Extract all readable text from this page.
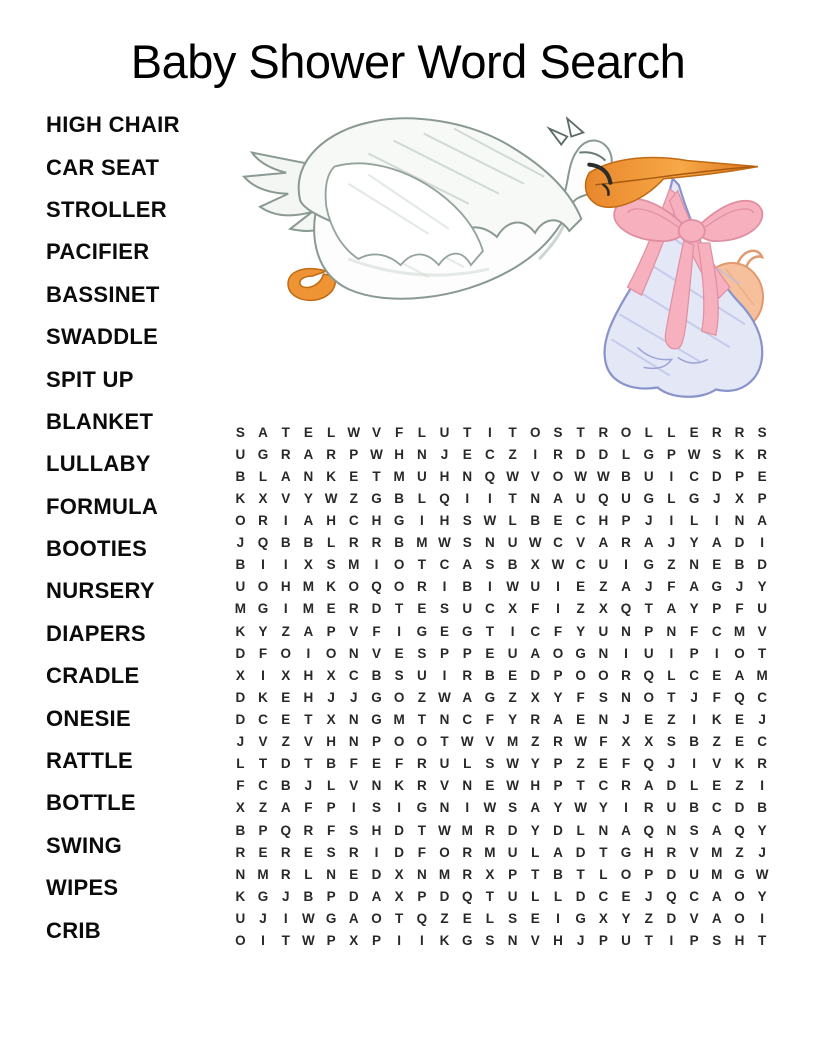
Baby Shower Word Search
HIGH CHAIR
CAR SEAT
STROLLER
PACIFIER
BASSINET
SWADDLE
SPIT UP
BLANKET
LULLABY
FORMULA
BOOTIES
NURSERY
DIAPERS
CRADLE
ONESIE
RATTLE
BOTTLE
SWING
WIPES
CRIB
S A	T	E	L W V	F	L	U	T	I	T O S	T	R O L	L	E R R S
U G R A R P W H N	J	E C	Z	I	R D D	L G P W S K R
B	L	A N K E	T M U H N Q W V O W W B U	I	C D P	E
K X	V	Y W Z G B	L Q	I	I	T	N A U Q U G L G	J	X	P
O R	I	A H C H G	I	H S W L	B E C H P	J	I	L	I	N A
J	Q B B	L	R R B M W S N U W C V A R A	J	Y A D	I
B	I	I	X	S M	I	O T	C A S B X W C U	I	G Z	N E B D
U O H M K O Q O R	I	B	I	W U	I	E	Z	A	J	F	A G	J	Y
M G	I	M E R D	T	E	S U C X	F	I	Z	X Q T	A Y	P	F	U
K Y	Z	A P	V	F	I	G E G T	I	C	F	Y U N P N	F	C M V
D	F O	I	O N V	E	S	P	P	E U A O G N	I	U	I	P	I	O T
X	I	X H X C B S U	I	R B E D P O O R Q L	C E A M
D K E H	J	J	G O Z W A G Z	X	Y	F	S N O T	J	F Q C
D C E	T	X N G M T	N C	F	Y R A E N	J	E	Z	I	K E	J
J	V	Z	V H N P O O T W V M Z	R W F	X	X	S B	Z	E C
L	T	D	T	B	F	E	F	R U	L	S W Y	P	Z	E	F Q	J	I	V K R
F	C B	J	L	V N K R V N E W H P	T	C R A D	L	E	Z	I
X	Z	A	F	P	I	S	I	G N	I	W S A Y W Y	I	R U B C D B
B P Q R	F	S H D	T W M R D Y D	L	N A Q N S A Q Y
R E R E	S R	I	D	F O R M U	L	A D	T G H R V M Z	J
N M R	L	N E D X N M R X	P	T	B	T	L O P D U M G W
K G	J	B P D A X	P D Q T	U	L	L	D C E	J	Q C A O Y
U	J	I	W G A O T Q Z	E	L	S	E	I	G X	Y	Z	D V A O	I
O	I	T W P	X	P	I	I	K G S N V H	J	P U	T	I	P	S H	T
